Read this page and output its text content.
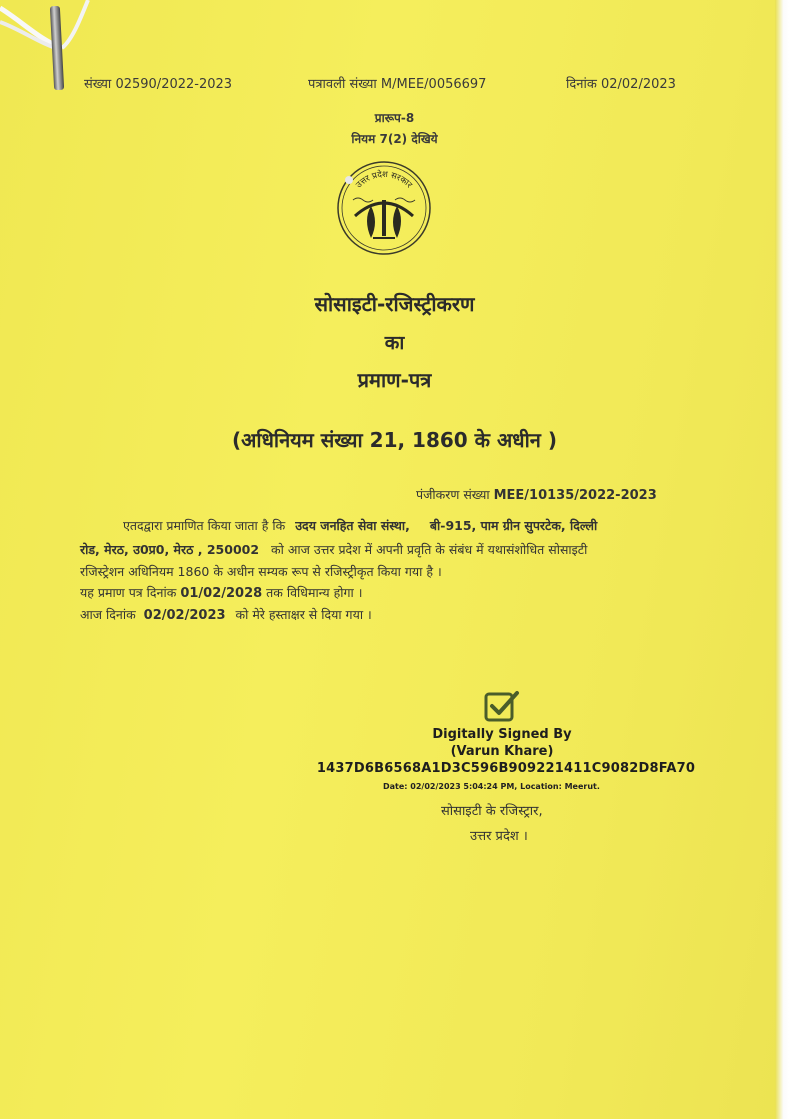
संख्या 02590/2022-2023	पत्रावली संख्या M/MEE/0056697	दिनांक 02/02/2023
प्रारूप-8
नियम 7(2) देखिये
उत्तर प्रदेश सरकार
सोसाइटी-रजिस्ट्रीकरण
का
प्रमाण-पत्र
(अधिनियम संख्या 21, 1860 के अधीन )
पंजीकरण संख्या MEE/10135/2022-2023
एतदद्वारा प्रमाणित किया जाता है कि उदय जनहित सेवा संस्था, बी-915, पाम ग्रीन सुपरटेक, दिल्ली
रोड, मेरठ, उ0प्र0, मेरठ , 250002 को आज उत्तर प्रदेश में अपनी प्रवृति के संबंध में यथासंशोधित सोसाइटी
रजिस्ट्रेशन अधिनियम 1860 के अधीन सम्यक रूप से रजिस्ट्रीकृत किया गया है ।
यह प्रमाण पत्र दिनांक 01/02/2028 तक विधिमान्य होगा ।
आज दिनांक 02/02/2023 को मेरे हस्ताक्षर से दिया गया ।
Digitally Signed By
(Varun Khare)
1437D6B6568A1D3C596B909221411C9082D8FA70
Date: 02/02/2023 5:04:24 PM, Location: Meerut.
सोसाइटी के रजिस्ट्रार,
उत्तर प्रदेश ।
